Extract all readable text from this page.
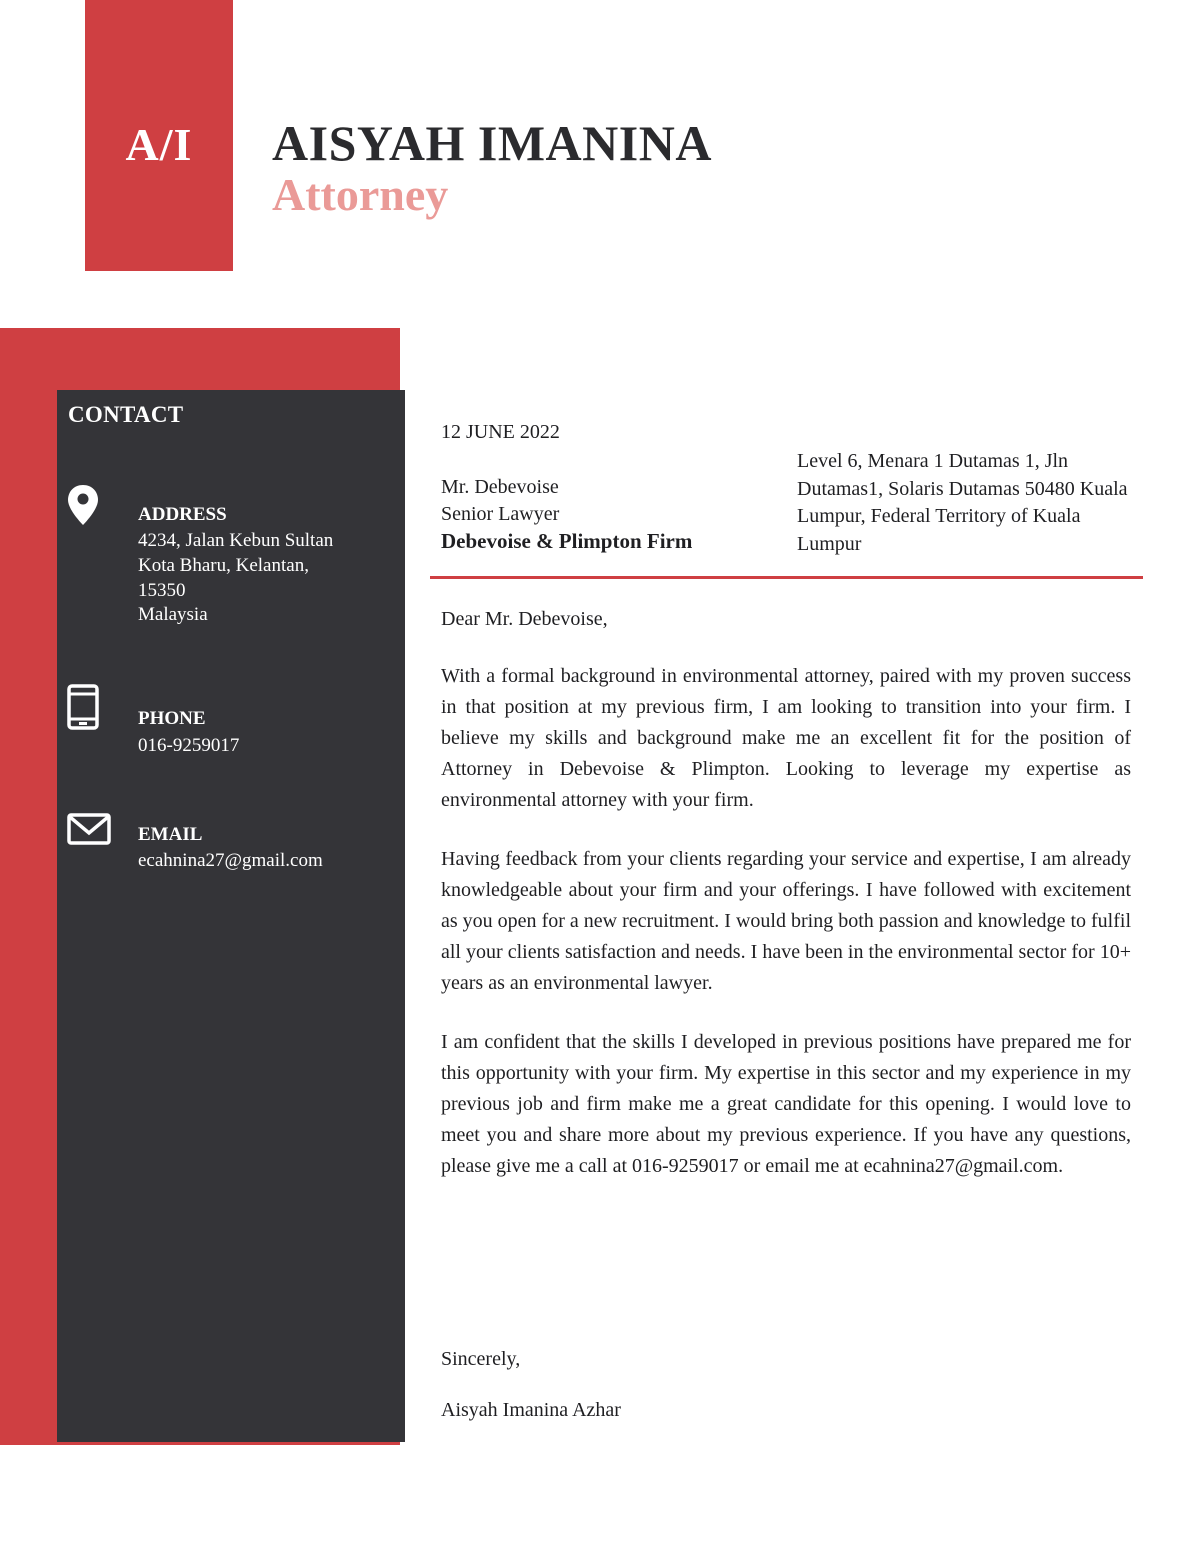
A/I	AISYAH IMANINA
Attorney
CONTACT
ADDRESS
4234, Jalan Kebun Sultan
Kota Bharu, Kelantan,
15350
Malaysia
PHONE
016-9259017
EMAIL
ecahnina27@gmail.com
12 JUNE 2022
Mr. Debevoise
Senior Lawyer
Debevoise & Plimpton Firm
Level 6, Menara 1 Dutamas 1, Jln Dutamas1, Solaris Dutamas 50480 Kuala Lumpur, Federal Territory of Kuala Lumpur

Dear Mr. Debevoise,

With a formal background in environmental attorney, paired with my proven success in that position at my previous firm, I am looking to transition into your firm. I believe my skills and background make me an excellent fit for the position of Attorney in Debevoise & Plimpton. Looking to leverage my expertise as environmental attorney with your firm.

Having feedback from your clients regarding your service and expertise, I am already knowledgeable about your firm and your offerings. I have followed with excitement as you open for a new recruitment. I would bring both passion and knowledge to fulfil all your clients satisfaction and needs. I have been in the environmental sector for 10+ years as an environmental lawyer.

I am confident that the skills I developed in previous positions have prepared me for this opportunity with your firm. My expertise in this sector and my experience in my previous job and firm make me a great candidate for this opening. I would love to meet you and share more about my previous experience. If you have any questions, please give me a call at 016-9259017 or email me at ecahnina27@gmail.com.

Sincerely,
Aisyah Imanina Azhar
